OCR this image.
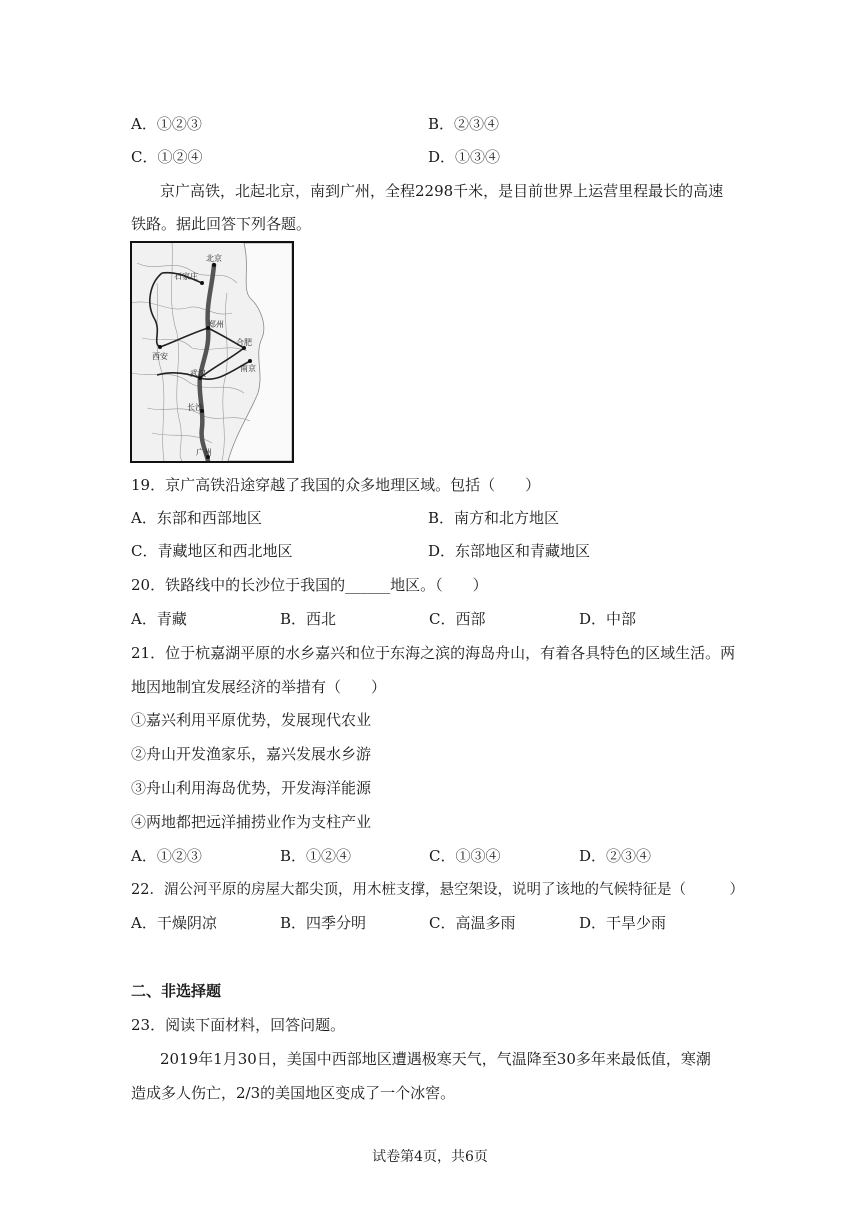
A．①②③	B．②③④
C．①②④	D．①③④
京广高铁，北起北京，南到广州，全程2298千米，是目前世界上运营里程最长的高速
铁路。据此回答下列各题。
北京
石家庄
郑州
西安
合肥
南京
武汉
长沙
广州
19．京广高铁沿途穿越了我国的众多地理区域。包括（　　）
A．东部和西部地区	B．南方和北方地区
C．青藏地区和西北地区	D．东部地区和青藏地区
20．铁路线中的长沙位于我国的______地区。（　　）
A．青藏	B．西北	C．西部	D．中部
21．位于杭嘉湖平原的水乡嘉兴和位于东海之滨的海岛舟山，有着各具特色的区域生活。两
地因地制宜发展经济的举措有（　　）
①嘉兴利用平原优势，发展现代农业
②舟山开发渔家乐，嘉兴发展水乡游
③舟山利用海岛优势，开发海洋能源
④两地都把远洋捕捞业作为支柱产业
A．①②③	B．①②④	C．①③④	D．②③④
22．湄公河平原的房屋大都尖顶，用木桩支撑，悬空架设，说明了该地的气候特征是（　　　）
A．干燥阴凉	B．四季分明	C．高温多雨	D．干旱少雨
二、非选择题
23．阅读下面材料，回答问题。
2019年1月30日，美国中西部地区遭遇极寒天气，气温降至30多年来最低值，寒潮
造成多人伤亡，2/3的美国地区变成了一个冰窖。
试卷第4页，共6页
